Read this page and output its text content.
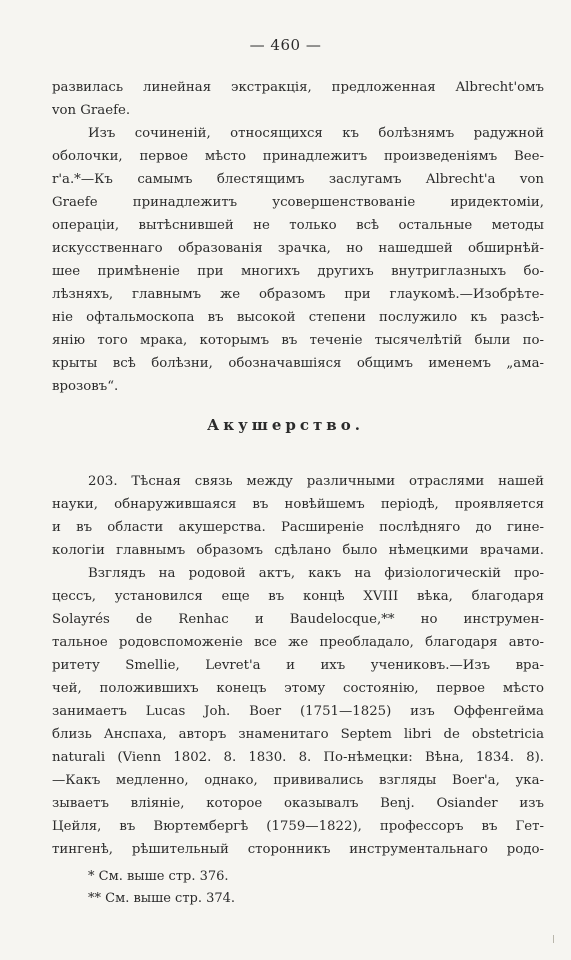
— 460 —
развилась линейная экстракція, предложенная Albrecht'омъ
von Graefe.
Изъ сочиненій, относящихся къ болѣзнямъ радужной
оболочки, первое мѣсто принадлежитъ произведеніямъ Bee-
r'a.*—Къ самымъ блестящимъ заслугамъ Albrecht'a von
Graefe принадлежитъ усовершенствованіе иридектоміи,
операціи, вытѣснившей не только всѣ остальные методы
искусственнаго образованія зрачка, но нашедшей обширнѣй-
шее примѣненіе при многихъ другихъ внутриглазныхъ бо-
лѣзняхъ, главнымъ же образомъ при глаукомѣ.—Изобрѣте-
ніе офтальмоскопа въ высокой степени послужило къ разсѣ-
янію того мрака, которымъ въ теченіе тысячелѣтій были по-
крыты всѣ болѣзни, обозначавшіяся общимъ именемъ „ама-
врозовъ“.
Акушерство.
203. Тѣсная связь между различными отраслями нашей
науки, обнаружившаяся въ новѣйшемъ періодѣ, проявляется
и въ области акушерства. Расширеніе послѣдняго до гине-
кологіи главнымъ образомъ сдѣлано было нѣмецкими врачами.
Взглядъ на родовой актъ, какъ на физіологическій про-
цессъ, установился еще въ концѣ XVIII вѣка, благодаря
Solayrés de Renhac и Baudelocque,** но инструмен-
тальное родовспоможеніе все же преобладало, благодаря авто-
ритету Smellie, Levret'a и ихъ учениковъ.—Изъ вра-
чей, положившихъ конецъ этому состоянію, первое мѣсто
занимаетъ Lucas Joh. Boer (1751—1825) изъ Оффенгейма
близь Анспаха, авторъ знаменитаго Septem libri de obstetricia
naturali (Vienn 1802. 8. 1830. 8. По-нѣмецки: Вѣна, 1834. 8).
—Какъ медленно, однако, прививались взгляды Boer'a, ука-
зываетъ вліяніе, которое оказывалъ Benj. Osiander изъ
Цейля, въ Вюртембергѣ (1759—1822), профессоръ въ Гет-
тингенѣ, рѣшительный сторонникъ инструментальнаго родо-
* См. выше стр. 376.
** См. выше стр. 374.
